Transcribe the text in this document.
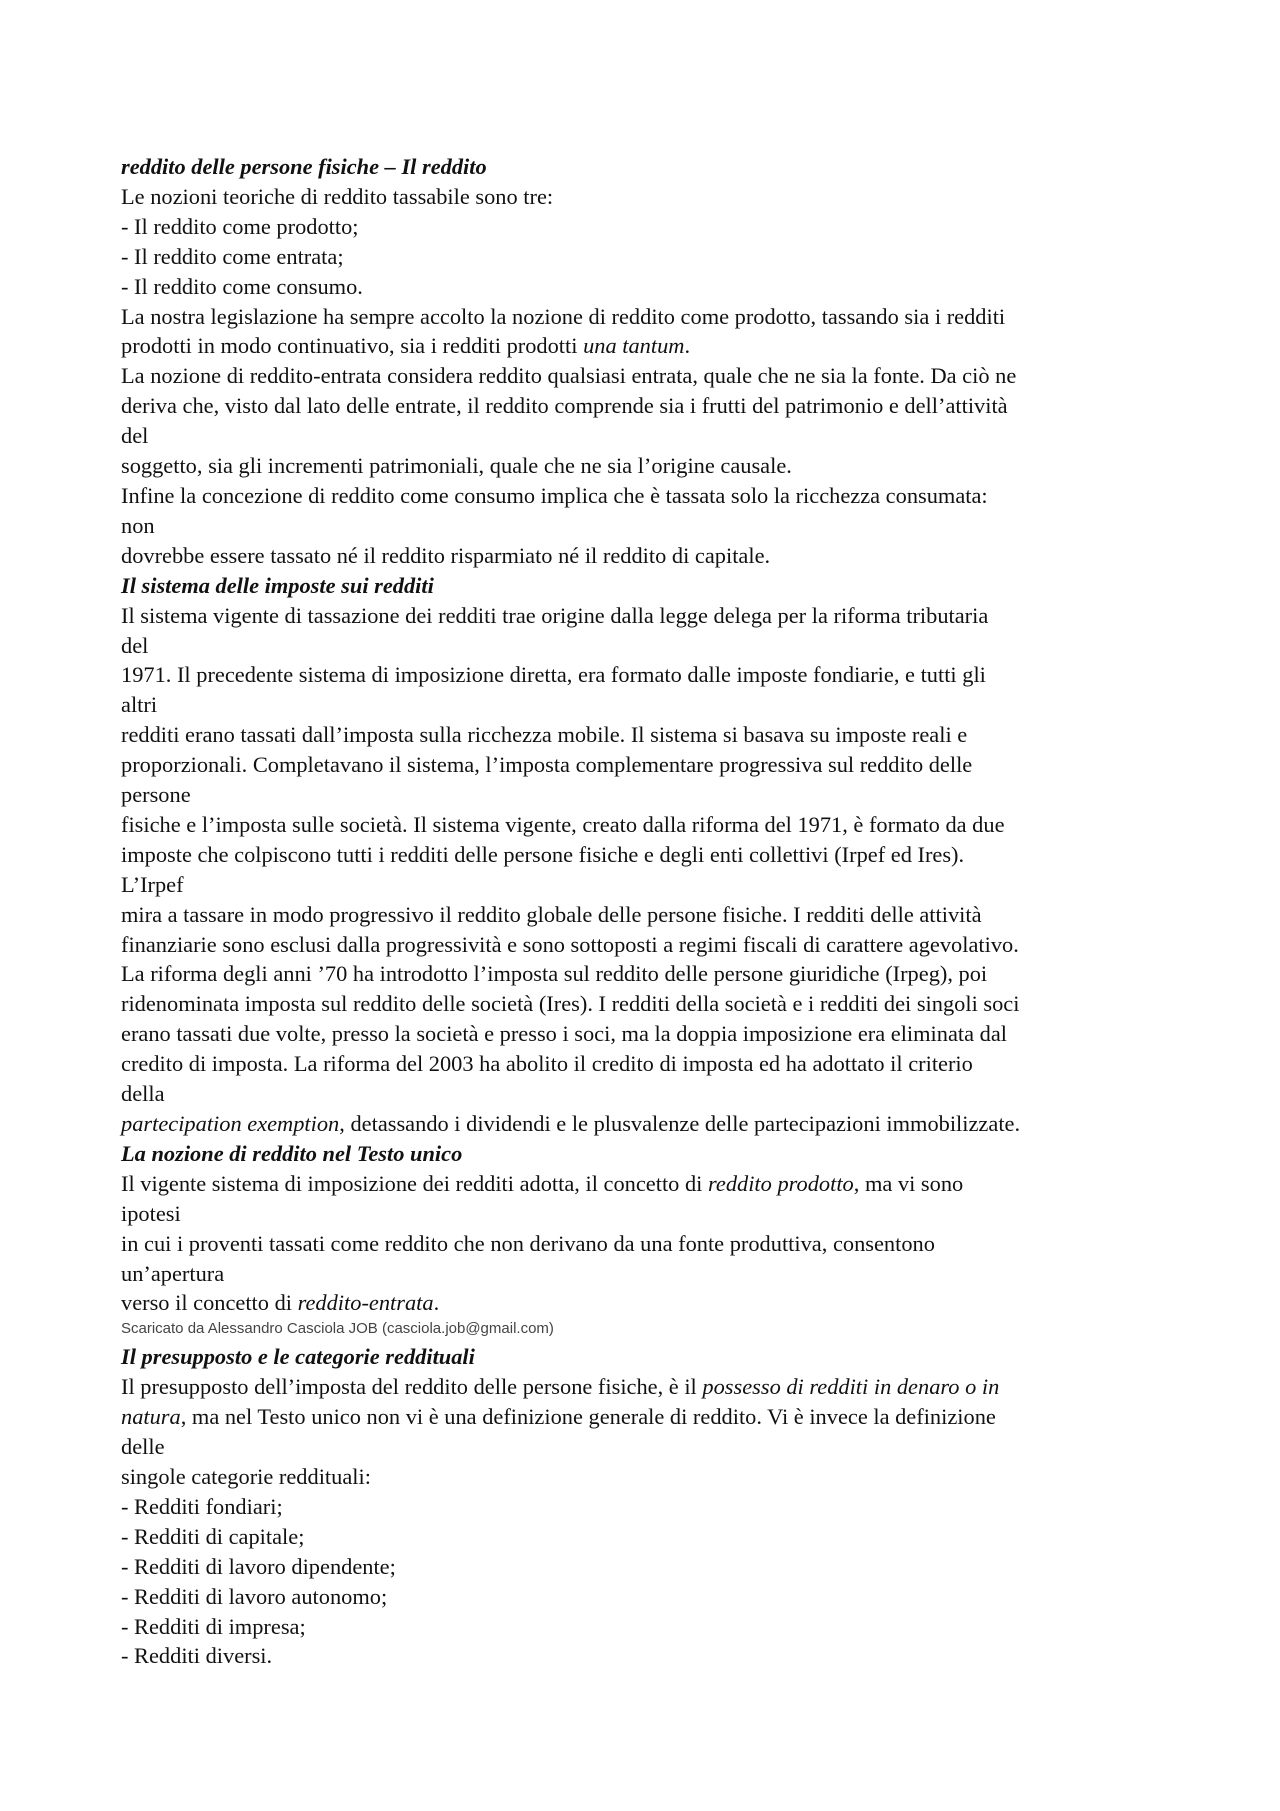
reddito delle persone fisiche – Il reddito
Le nozioni teoriche di reddito tassabile sono tre:
- Il reddito come prodotto;
- Il reddito come entrata;
- Il reddito come consumo.
La nostra legislazione ha sempre accolto la nozione di reddito come prodotto, tassando sia i redditi
prodotti in modo continuativo, sia i redditi prodotti una tantum.
La nozione di reddito-entrata considera reddito qualsiasi entrata, quale che ne sia la fonte. Da ciò ne
deriva che, visto dal lato delle entrate, il reddito comprende sia i frutti del patrimonio e dell’attività
del
soggetto, sia gli incrementi patrimoniali, quale che ne sia l’origine causale.
Infine la concezione di reddito come consumo implica che è tassata solo la ricchezza consumata:
non
dovrebbe essere tassato né il reddito risparmiato né il reddito di capitale.
Il sistema delle imposte sui redditi
Il sistema vigente di tassazione dei redditi trae origine dalla legge delega per la riforma tributaria
del
1971. Il precedente sistema di imposizione diretta, era formato dalle imposte fondiarie, e tutti gli
altri
redditi erano tassati dall’imposta sulla ricchezza mobile. Il sistema si basava su imposte reali e
proporzionali. Completavano il sistema, l’imposta complementare progressiva sul reddito delle
persone
fisiche e l’imposta sulle società. Il sistema vigente, creato dalla riforma del 1971, è formato da due
imposte che colpiscono tutti i redditi delle persone fisiche e degli enti collettivi (Irpef ed Ires).
L’Irpef
mira a tassare in modo progressivo il reddito globale delle persone fisiche. I redditi delle attività
finanziarie sono esclusi dalla progressività e sono sottoposti a regimi fiscali di carattere agevolativo.
La riforma degli anni ’70 ha introdotto l’imposta sul reddito delle persone giuridiche (Irpeg), poi
ridenominata imposta sul reddito delle società (Ires). I redditi della società e i redditi dei singoli soci
erano tassati due volte, presso la società e presso i soci, ma la doppia imposizione era eliminata dal
credito di imposta. La riforma del 2003 ha abolito il credito di imposta ed ha adottato il criterio
della
partecipation exemption, detassando i dividendi e le plusvalenze delle partecipazioni immobilizzate.
La nozione di reddito nel Testo unico
Il vigente sistema di imposizione dei redditi adotta, il concetto di reddito prodotto, ma vi sono
ipotesi
in cui i proventi tassati come reddito che non derivano da una fonte produttiva, consentono
un’apertura
verso il concetto di reddito-entrata.
Scaricato da Alessandro Casciola JOB (casciola.job@gmail.com)
Il presupposto e le categorie reddituali
Il presupposto dell’imposta del reddito delle persone fisiche, è il possesso di redditi in denaro o in
natura, ma nel Testo unico non vi è una definizione generale di reddito. Vi è invece la definizione
delle
singole categorie reddituali:
- Redditi fondiari;
- Redditi di capitale;
- Redditi di lavoro dipendente;
- Redditi di lavoro autonomo;
- Redditi di impresa;
- Redditi diversi.
